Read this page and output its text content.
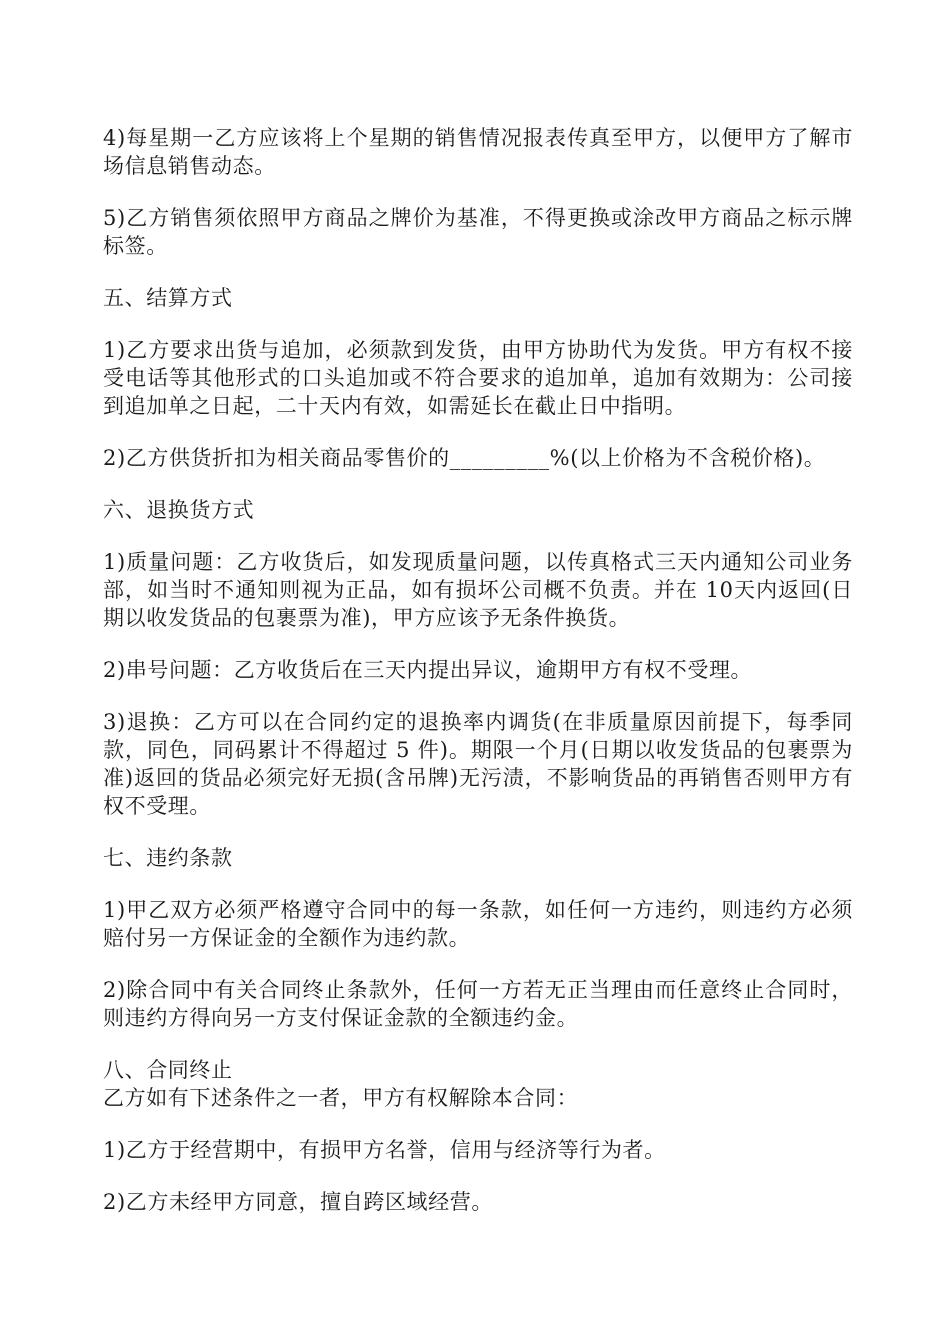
4)每星期一乙方应该将上个星期的销售情况报表传真至甲方，以便甲方了解市场信息销售动态。

5)乙方销售须依照甲方商品之牌价为基准，不得更换或涂改甲方商品之标示牌标签。

五、结算方式

1)乙方要求出货与追加，必须款到发货，由甲方协助代为发货。甲方有权不接受电话等其他形式的口头追加或不符合要求的追加单，追加有效期为：公司接到追加单之日起，二十天内有效，如需延长在截止日中指明。

2)乙方供货折扣为相关商品零售价的_________%(以上价格为不含税价格)。

六、退换货方式

1)质量问题：乙方收货后，如发现质量问题，以传真格式三天内通知公司业务部，如当时不通知则视为正品，如有损坏公司概不负责。并在 10天内返回(日期以收发货品的包裹票为准)，甲方应该予无条件换货。

2)串号问题：乙方收货后在三天内提出异议，逾期甲方有权不受理。

3)退换：乙方可以在合同约定的退换率内调货(在非质量原因前提下，每季同款，同色，同码累计不得超过 5 件)。期限一个月(日期以收发货品的包裹票为准)返回的货品必须完好无损(含吊牌)无污渍，不影响货品的再销售否则甲方有权不受理。

七、违约条款

1)甲乙双方必须严格遵守合同中的每一条款，如任何一方违约，则违约方必须赔付另一方保证金的全额作为违约款。

2)除合同中有关合同终止条款外，任何一方若无正当理由而任意终止合同时，则违约方得向另一方支付保证金款的全额违约金。

八、合同终止

乙方如有下述条件之一者，甲方有权解除本合同：

1)乙方于经营期中，有损甲方名誉，信用与经济等行为者。

2)乙方未经甲方同意，擅自跨区域经营。
